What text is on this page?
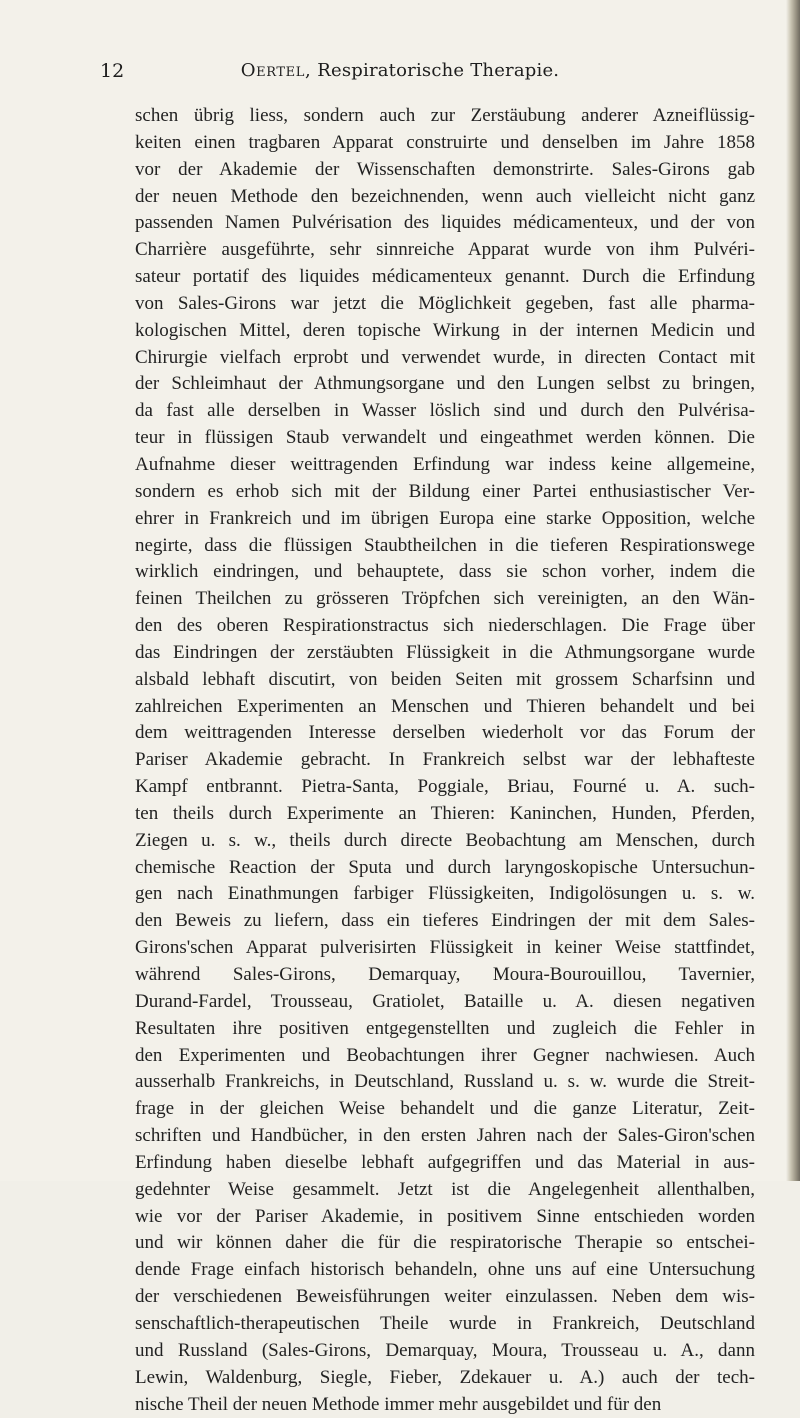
12	Oertel, Respiratorische Therapie.
schen übrig liess, sondern auch zur Zerstäubung anderer Azneiflüssig-
keiten einen tragbaren Apparat construirte und denselben im Jahre 1858
vor der Akademie der Wissenschaften demonstrirte. Sales-Girons gab
der neuen Methode den bezeichnenden, wenn auch vielleicht nicht ganz
passenden Namen Pulvérisation des liquides médicamenteux, und der von
Charrière ausgeführte, sehr sinnreiche Apparat wurde von ihm Pulvéri-
sateur portatif des liquides médicamenteux genannt. Durch die Erfindung
von Sales-Girons war jetzt die Möglichkeit gegeben, fast alle pharma-
kologischen Mittel, deren topische Wirkung in der internen Medicin und
Chirurgie vielfach erprobt und verwendet wurde, in directen Contact mit
der Schleimhaut der Athmungsorgane und den Lungen selbst zu bringen,
da fast alle derselben in Wasser löslich sind und durch den Pulvérisa-
teur in flüssigen Staub verwandelt und eingeathmet werden können. Die
Aufnahme dieser weittragenden Erfindung war indess keine allgemeine,
sondern es erhob sich mit der Bildung einer Partei enthusiastischer Ver-
ehrer in Frankreich und im übrigen Europa eine starke Opposition, welche
negirte, dass die flüssigen Staubtheilchen in die tieferen Respirationswege
wirklich eindringen, und behauptete, dass sie schon vorher, indem die
feinen Theilchen zu grösseren Tröpfchen sich vereinigten, an den Wän-
den des oberen Respirationstractus sich niederschlagen. Die Frage über
das Eindringen der zerstäubten Flüssigkeit in die Athmungsorgane wurde
alsbald lebhaft discutirt, von beiden Seiten mit grossem Scharfsinn und
zahlreichen Experimenten an Menschen und Thieren behandelt und bei
dem weittragenden Interesse derselben wiederholt vor das Forum der
Pariser Akademie gebracht. In Frankreich selbst war der lebhafteste
Kampf entbrannt. Pietra-Santa, Poggiale, Briau, Fourné u. A. such-
ten theils durch Experimente an Thieren: Kaninchen, Hunden, Pferden,
Ziegen u. s. w., theils durch directe Beobachtung am Menschen, durch
chemische Reaction der Sputa und durch laryngoskopische Untersuchun-
gen nach Einathmungen farbiger Flüssigkeiten, Indigolösungen u. s. w.
den Beweis zu liefern, dass ein tieferes Eindringen der mit dem Sales-
Girons'schen Apparat pulverisirten Flüssigkeit in keiner Weise stattfindet,
während Sales-Girons, Demarquay, Moura-Bourouillou, Tavernier,
Durand-Fardel, Trousseau, Gratiolet, Bataille u. A. diesen negativen
Resultaten ihre positiven entgegenstellten und zugleich die Fehler in
den Experimenten und Beobachtungen ihrer Gegner nachwiesen. Auch
ausserhalb Frankreichs, in Deutschland, Russland u. s. w. wurde die Streit-
frage in der gleichen Weise behandelt und die ganze Literatur, Zeit-
schriften und Handbücher, in den ersten Jahren nach der Sales-Giron'schen
Erfindung haben dieselbe lebhaft aufgegriffen und das Material in aus-
gedehnter Weise gesammelt. Jetzt ist die Angelegenheit allenthalben,
wie vor der Pariser Akademie, in positivem Sinne entschieden worden
und wir können daher die für die respiratorische Therapie so entschei-
dende Frage einfach historisch behandeln, ohne uns auf eine Untersuchung
der verschiedenen Beweisführungen weiter einzulassen. Neben dem wis-
senschaftlich-therapeutischen Theile wurde in Frankreich, Deutschland
und Russland (Sales-Girons, Demarquay, Moura, Trousseau u. A., dann
Lewin, Waldenburg, Siegle, Fieber, Zdekauer u. A.) auch der tech-
nische Theil der neuen Methode immer mehr ausgebildet und für den
